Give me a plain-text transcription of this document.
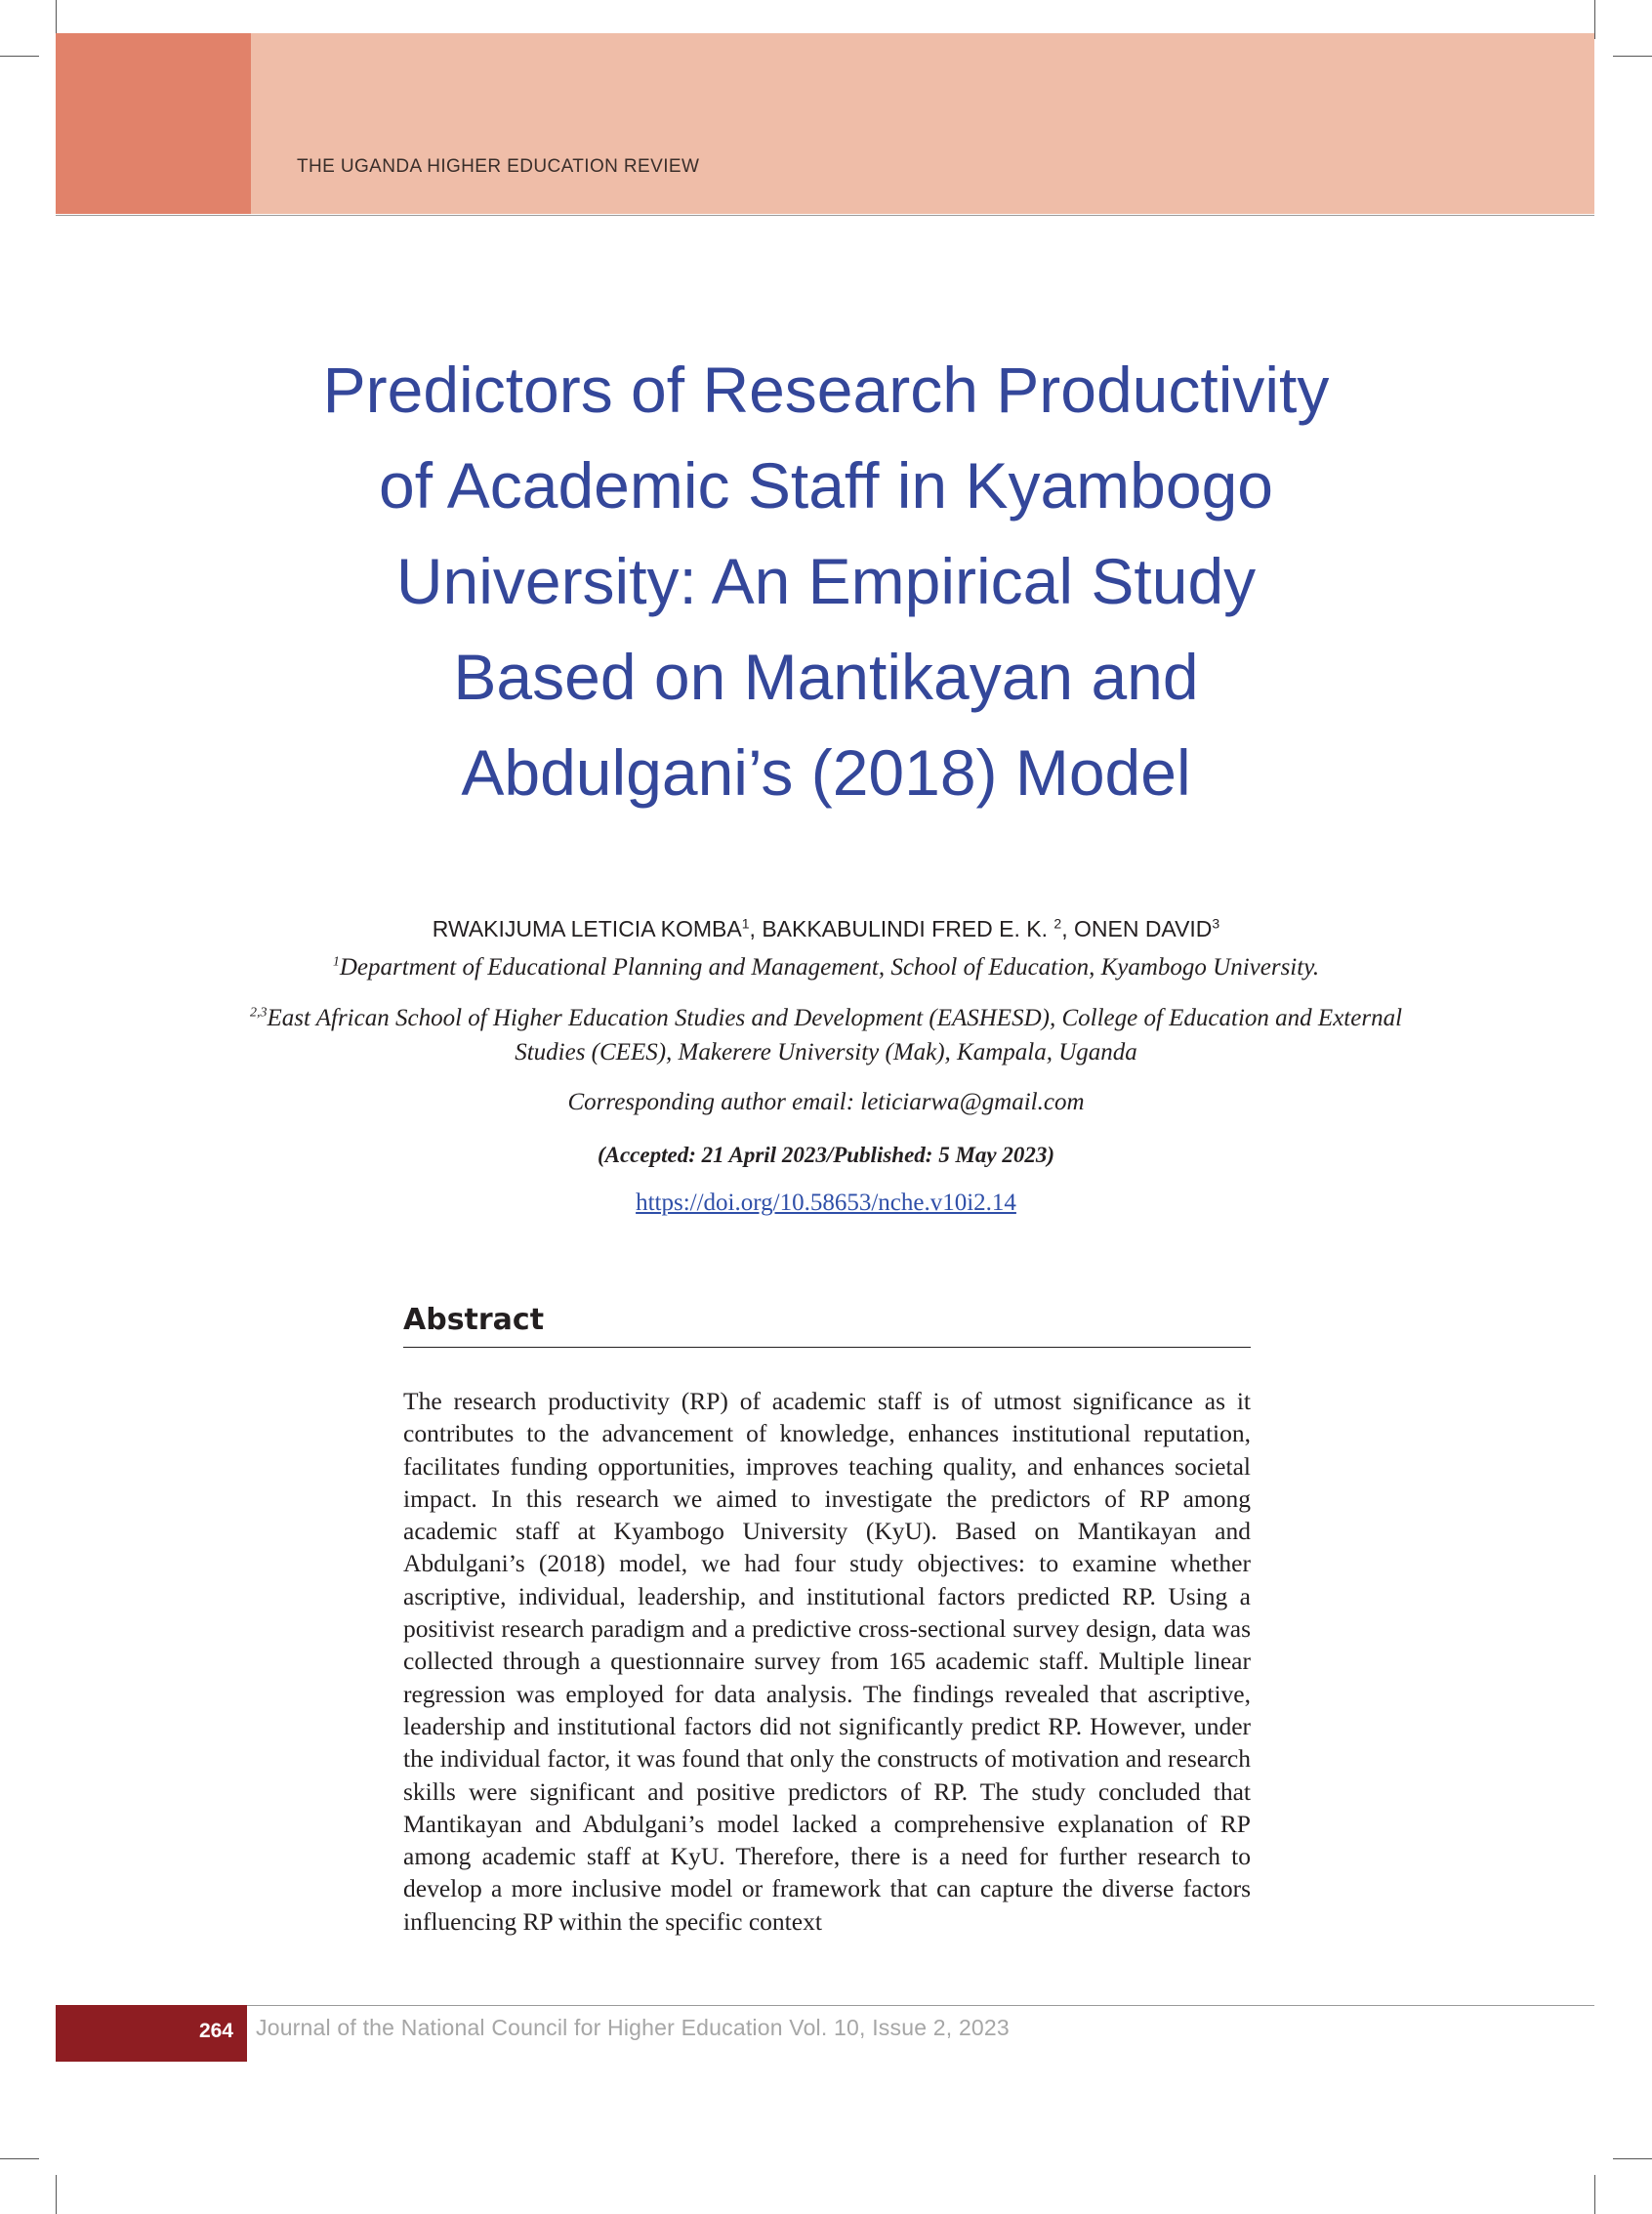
THE UGANDA HIGHER EDUCATION REVIEW
Predictors of Research Productivity
of Academic Staff in Kyambogo
University: An Empirical Study
Based on Mantikayan and
Abdulgani’s (2018) Model
RWAKIJUMA LETICIA KOMBA$^1$, BAKKABULINDI FRED E. K. $^2$, ONEN DAVID$^3$
$^1$Department of Educational Planning and Management, School of Education, Kyambogo University.
$^{2,3}$East African School of Higher Education Studies and Development (EASHESD), College of Education and External Studies (CEES), Makerere University (Mak), Kampala, Uganda
Corresponding author email: leticiarwa@gmail.com
(Accepted: 21 April 2023/Published: 5 May 2023)
https://doi.org/10.58653/nche.v10i2.14
Abstract

The research productivity (RP) of academic staff is of utmost significance as it contributes to the advancement of knowledge, enhances institutional reputation, facilitates funding opportunities, improves teaching quality, and enhances societal impact. In this research we aimed to investigate the predictors of RP among academic staff at Kyambogo University (KyU). Based on Mantikayan and Abdulgani’s (2018) model, we had four study objectives: to examine whether ascriptive, individual, leadership, and institutional factors predicted RP. Using a positivist research paradigm and a predictive cross-sectional survey design, data was collected through a questionnaire survey from 165 academic staff. Multiple linear regression was employed for data analysis. The findings revealed that ascriptive, leadership and institutional factors did not significantly predict RP. However, under the individual factor, it was found that only the constructs of motivation and research skills were significant and positive predictors of RP. The study concluded that Mantikayan and Abdulgani’s model lacked a comprehensive explanation of RP among academic staff at KyU. Therefore, there is a need for further research to develop a more inclusive model or framework that can capture the diverse factors influencing RP within the specific context

264	Journal of the National Council for Higher Education Vol. 10, Issue 2, 2023
